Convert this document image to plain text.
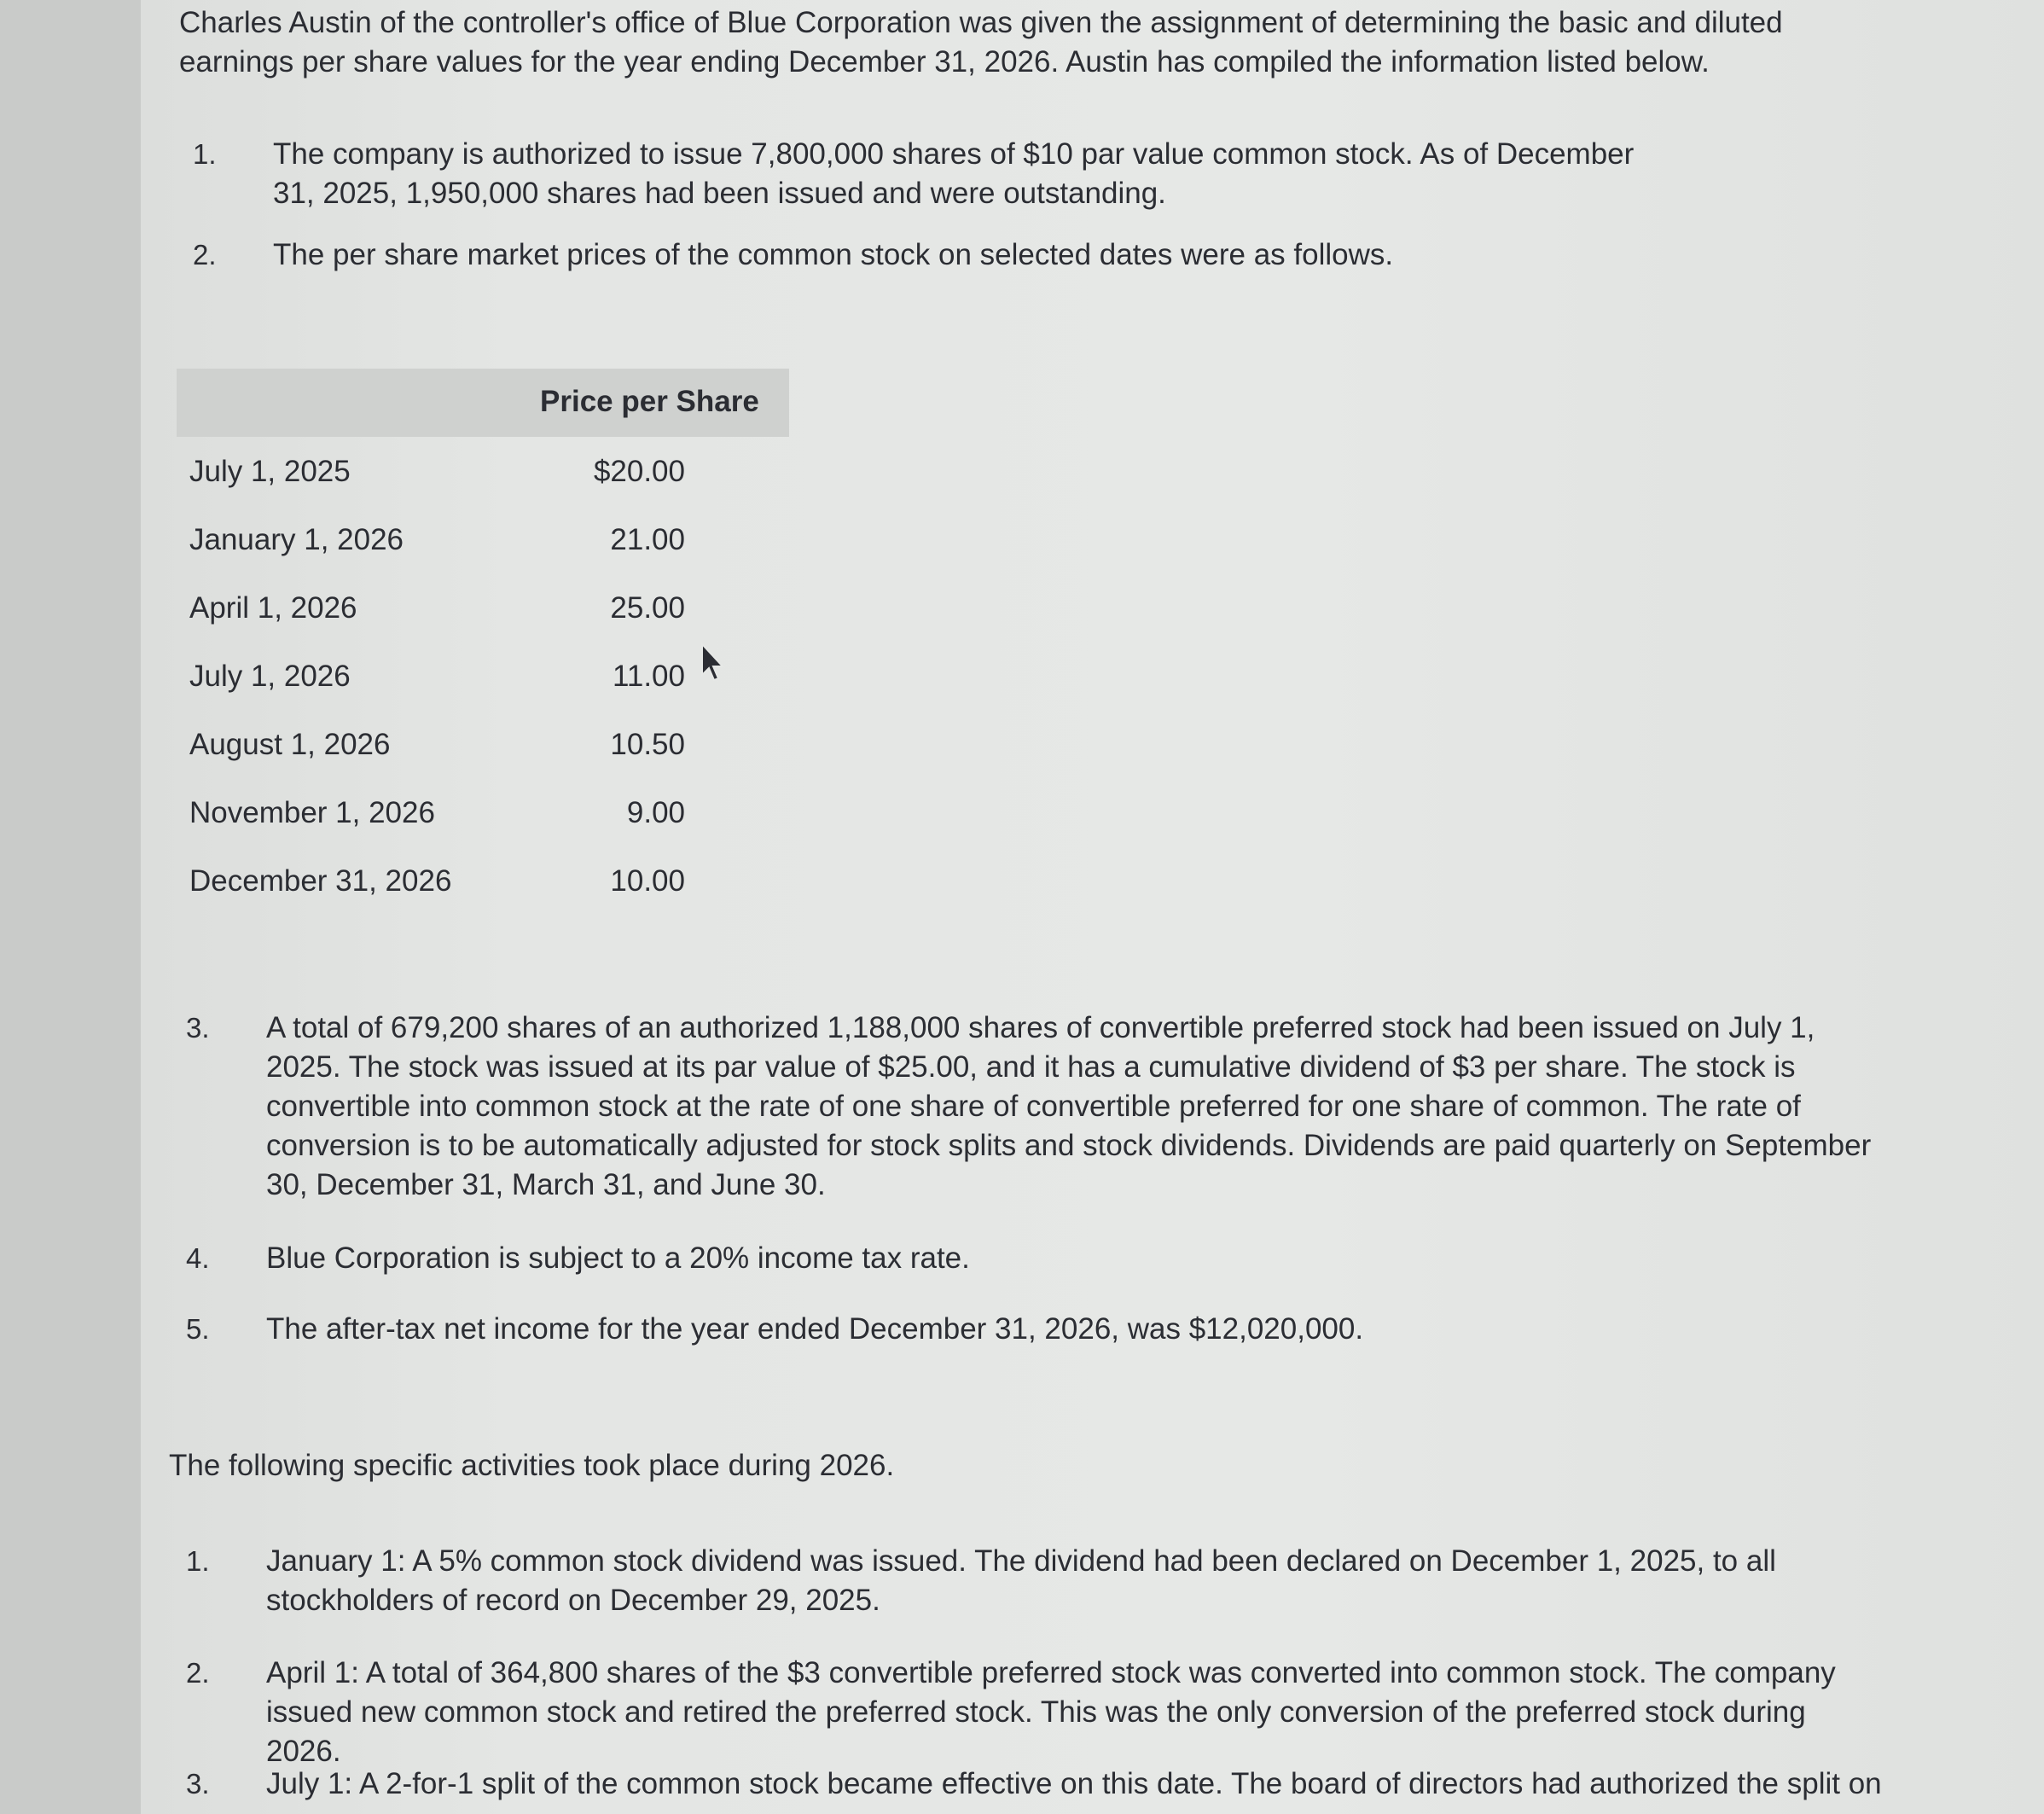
Charles Austin of the controller's office of Blue Corporation was given the assignment of determining the basic and diluted earnings per share values for the year ending December 31, 2026. Austin has compiled the information listed below.
1. The company is authorized to issue 7,800,000 shares of $10 par value common stock. As of December 31, 2025, 1,950,000 shares had been issued and were outstanding.
2. The per share market prices of the common stock on selected dates were as follows.
Price per Share
July 1, 2025	$20.00
January 1, 2026	21.00
April 1, 2026	25.00
July 1, 2026	11.00
August 1, 2026	10.50
November 1, 2026	9.00
December 31, 2026	10.00
3. A total of 679,200 shares of an authorized 1,188,000 shares of convertible preferred stock had been issued on July 1, 2025. The stock was issued at its par value of $25.00, and it has a cumulative dividend of $3 per share. The stock is convertible into common stock at the rate of one share of convertible preferred for one share of common. The rate of conversion is to be automatically adjusted for stock splits and stock dividends. Dividends are paid quarterly on September 30, December 31, March 31, and June 30.
4. Blue Corporation is subject to a 20% income tax rate.
5. The after-tax net income for the year ended December 31, 2026, was $12,020,000.
The following specific activities took place during 2026.
1. January 1: A 5% common stock dividend was issued. The dividend had been declared on December 1, 2025, to all stockholders of record on December 29, 2025.
2. April 1: A total of 364,800 shares of the $3 convertible preferred stock was converted into common stock. The company issued new common stock and retired the preferred stock. This was the only conversion of the preferred stock during 2026.
3. July 1: A 2-for-1 split of the common stock became effective on this date. The board of directors had authorized the split on
